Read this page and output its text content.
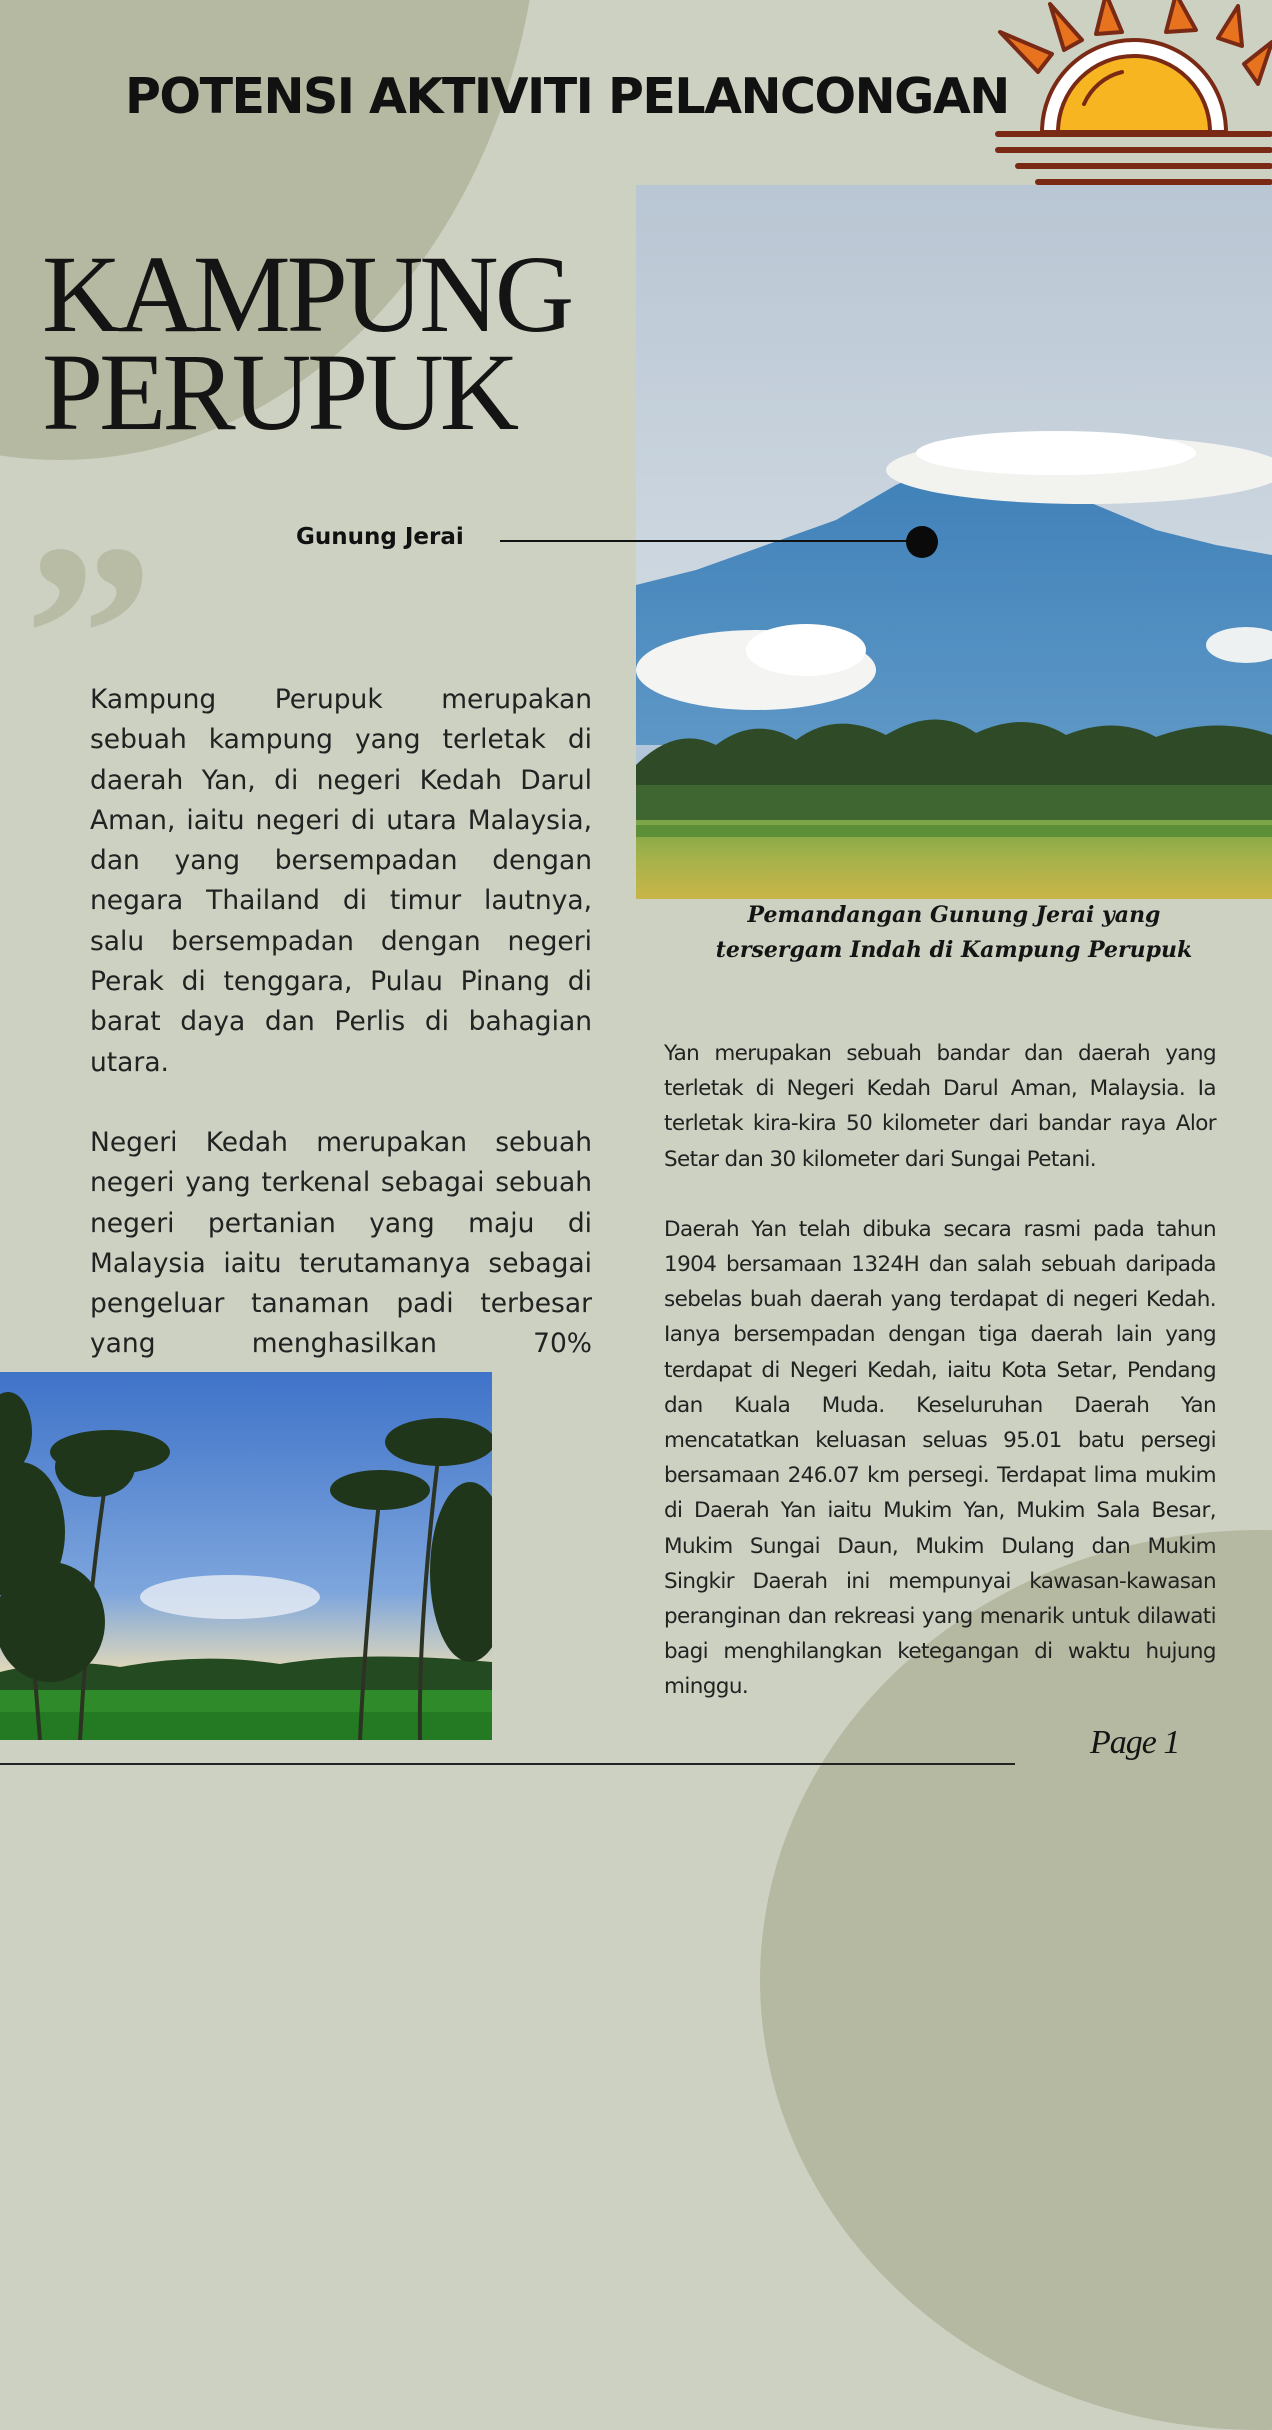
POTENSI AKTIVITI PELANCONGAN
KAMPUNG
PERUPUK
”	Gunung Jerai
Pemandangan Gunung Jerai yang
tersergam Indah di Kampung Perupuk

Kampung Perupuk merupakan sebuah kampung yang terletak di daerah Yan, di negeri Kedah Darul Aman, iaitu negeri di utara Malaysia, dan yang bersempadan dengan negara Thailand di timur lautnya, salu bersempadan dengan negeri Perak di tenggara, Pulau Pinang di barat daya dan Perlis di bahagian utara.

Negeri Kedah merupakan sebuah negeri yang terkenal sebagai sebuah negeri pertanian yang maju di Malaysia iaitu terutamanya sebagai pengeluar tanaman padi terbesar yang menghasilkan 70%

Yan merupakan sebuah bandar dan daerah yang terletak di Negeri Kedah Darul Aman, Malaysia. Ia terletak kira-kira 50 kilometer dari bandar raya Alor Setar dan 30 kilometer dari Sungai Petani.

Daerah Yan telah dibuka secara rasmi pada tahun 1904 bersamaan 1324H dan salah sebuah daripada sebelas buah daerah yang terdapat di negeri Kedah. Ianya bersempadan dengan tiga daerah lain yang terdapat di Negeri Kedah, iaitu Kota Setar, Pendang dan Kuala Muda. Keseluruhan Daerah Yan mencatatkan keluasan seluas 95.01 batu persegi bersamaan 246.07 km persegi. Terdapat lima mukim di Daerah Yan iaitu Mukim Yan, Mukim Sala Besar, Mukim Sungai Daun, Mukim Dulang dan Mukim Singkir Daerah ini mempunyai kawasan-kawasan peranginan dan rekreasi yang menarik untuk dilawati bagi menghilangkan ketegangan di waktu hujung minggu.

Page 1
